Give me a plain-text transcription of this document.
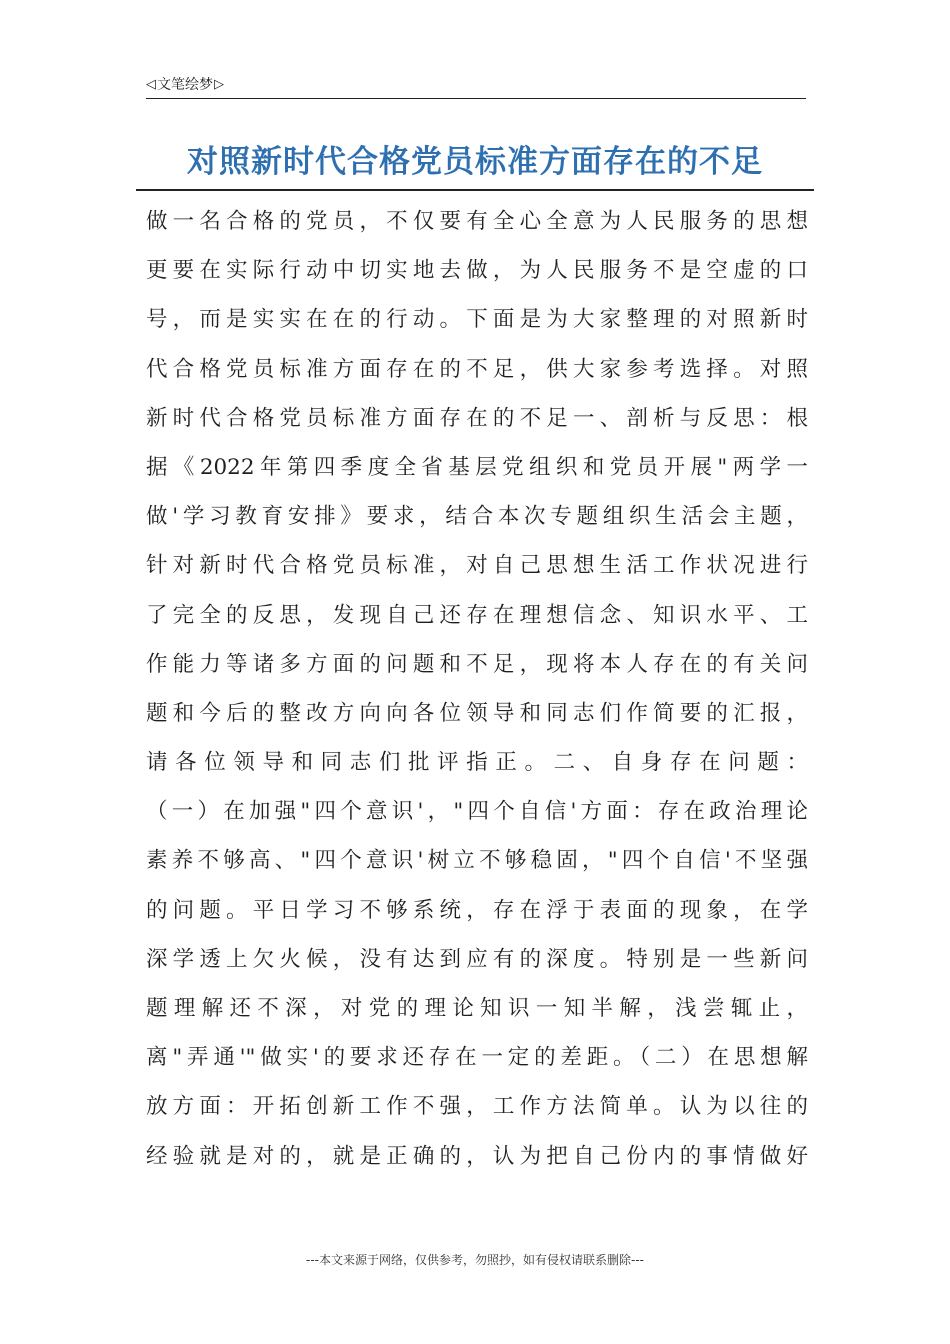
◁ 文笔绘梦 ▷
对照新时代合格党员标准方面存在的不足
做一名合格的党员，不仅要有全心全意为人民服务的思想
更要在实际行动中切实地去做，为人民服务不是空虚的口
号，而是实实在在的行动。下面是为大家整理的对照新时
代合格党员标准方面存在的不足，供大家参考选择。对照
新时代合格党员标准方面存在的不足一、剖析与反思：根
据《2022年第四季度全省基层党组织和党员开展"两学一
做'学习教育安排》要求，结合本次专题组织生活会主题，
针对新时代合格党员标准，对自己思想生活工作状况进行
了完全的反思，发现自己还存在理想信念、知识水平、工
作能力等诸多方面的问题和不足，现将本人存在的有关问
题和今后的整改方向向各位领导和同志们作简要的汇报，
请各位领导和同志们批评指正。二、自身存在问题：
（一）在加强"四个意识'，"四个自信'方面：存在政治理论
素养不够高、"四个意识'树立不够稳固，"四个自信'不坚强
的问题。平日学习不够系统，存在浮于表面的现象，在学
深学透上欠火候，没有达到应有的深度。特别是一些新问
题理解还不深，对党的理论知识一知半解，浅尝辄止，
离"弄通'"做实'的要求还存在一定的差距。（二）在思想解
放方面：开拓创新工作不强，工作方法简单。认为以往的
经验就是对的，就是正确的，认为把自己份内的事情做好
---本文来源于网络，仅供参考，勿照抄，如有侵权请联系删除---
